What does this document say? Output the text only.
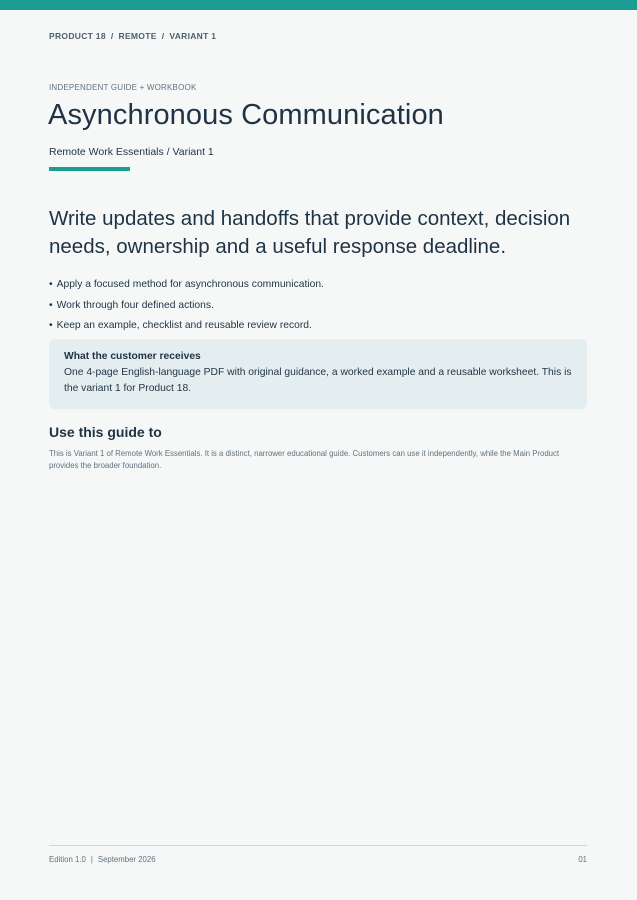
PRODUCT 18 / REMOTE / VARIANT 1
INDEPENDENT GUIDE + WORKBOOK
Asynchronous Communication
Remote Work Essentials / Variant 1

Write updates and handoffs that provide context, decision needs, ownership and a useful response deadline.

• Apply a focused method for asynchronous communication.
• Work through four defined actions.
• Keep an example, checklist and reusable review record.
What the customer receives
One 4-page English-language PDF with original guidance, a worked example and a reusable worksheet. This is the variant 1 for Product 18.
Use this guide to

This is Variant 1 of Remote Work Essentials. It is a distinct, narrower educational guide. Customers can use it independently, while the Main Product provides the broader foundation.

Edition 1.0 | September 2026	01
